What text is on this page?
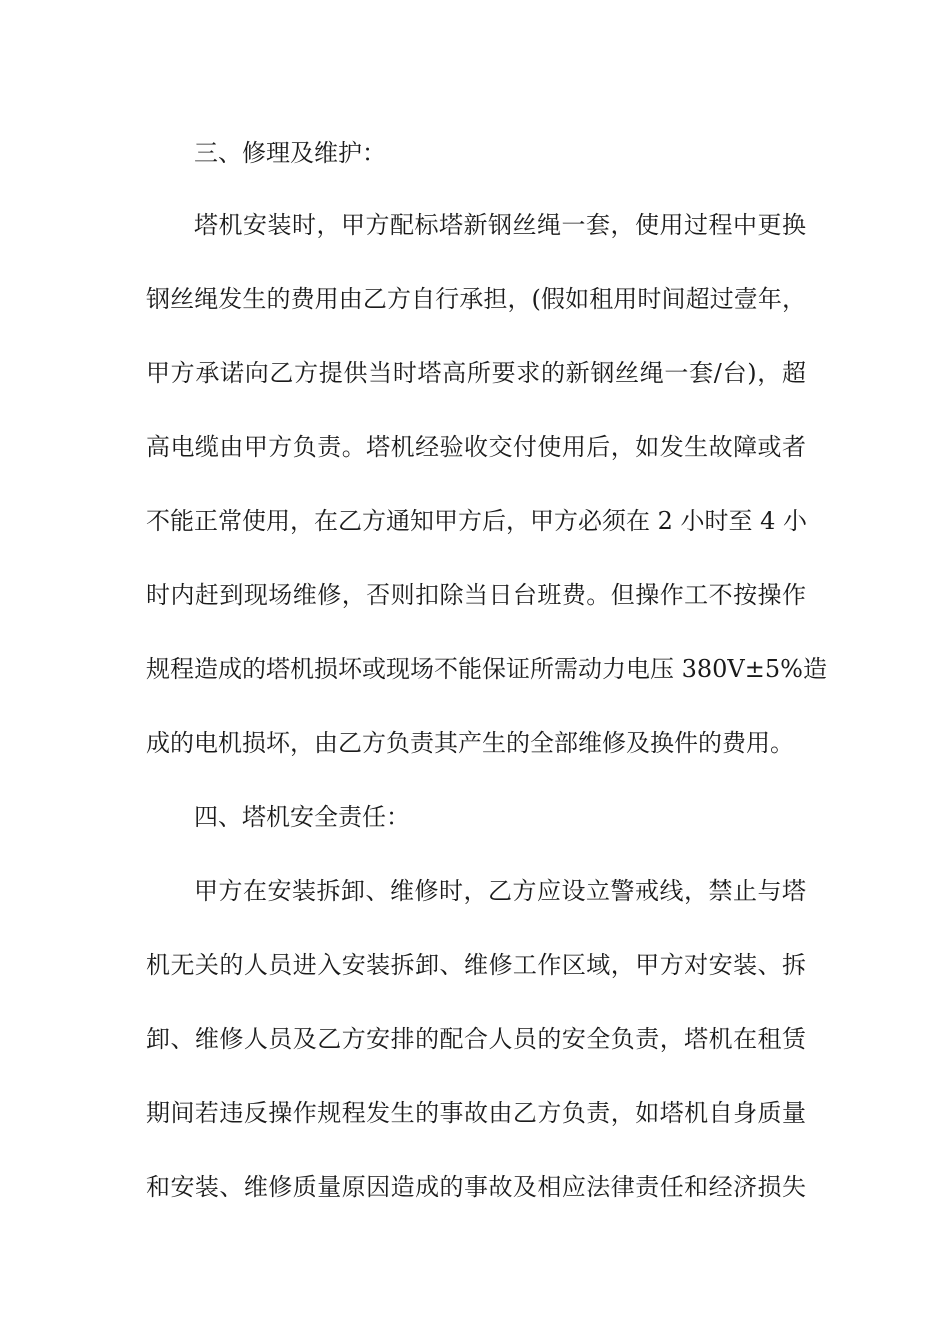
三、修理及维护：
塔机安装时，甲方配标塔新钢丝绳一套，使用过程中更换
钢丝绳发生的费用由乙方自行承担，(假如租用时间超过壹年，
甲方承诺向乙方提供当时塔高所要求的新钢丝绳一套/台)，超
高电缆由甲方负责。塔机经验收交付使用后，如发生故障或者
不能正常使用，在乙方通知甲方后，甲方必须在 2 小时至 4 小
时内赶到现场维修，否则扣除当日台班费。但操作工不按操作
规程造成的塔机损坏或现场不能保证所需动力电压 380V±5%造
成的电机损坏，由乙方负责其产生的全部维修及换件的费用。
四、塔机安全责任：
甲方在安装拆卸、维修时，乙方应设立警戒线，禁止与塔
机无关的人员进入安装拆卸、维修工作区域，甲方对安装、拆
卸、维修人员及乙方安排的配合人员的安全负责，塔机在租赁
期间若违反操作规程发生的事故由乙方负责，如塔机自身质量
和安装、维修质量原因造成的事故及相应法律责任和经济损失
